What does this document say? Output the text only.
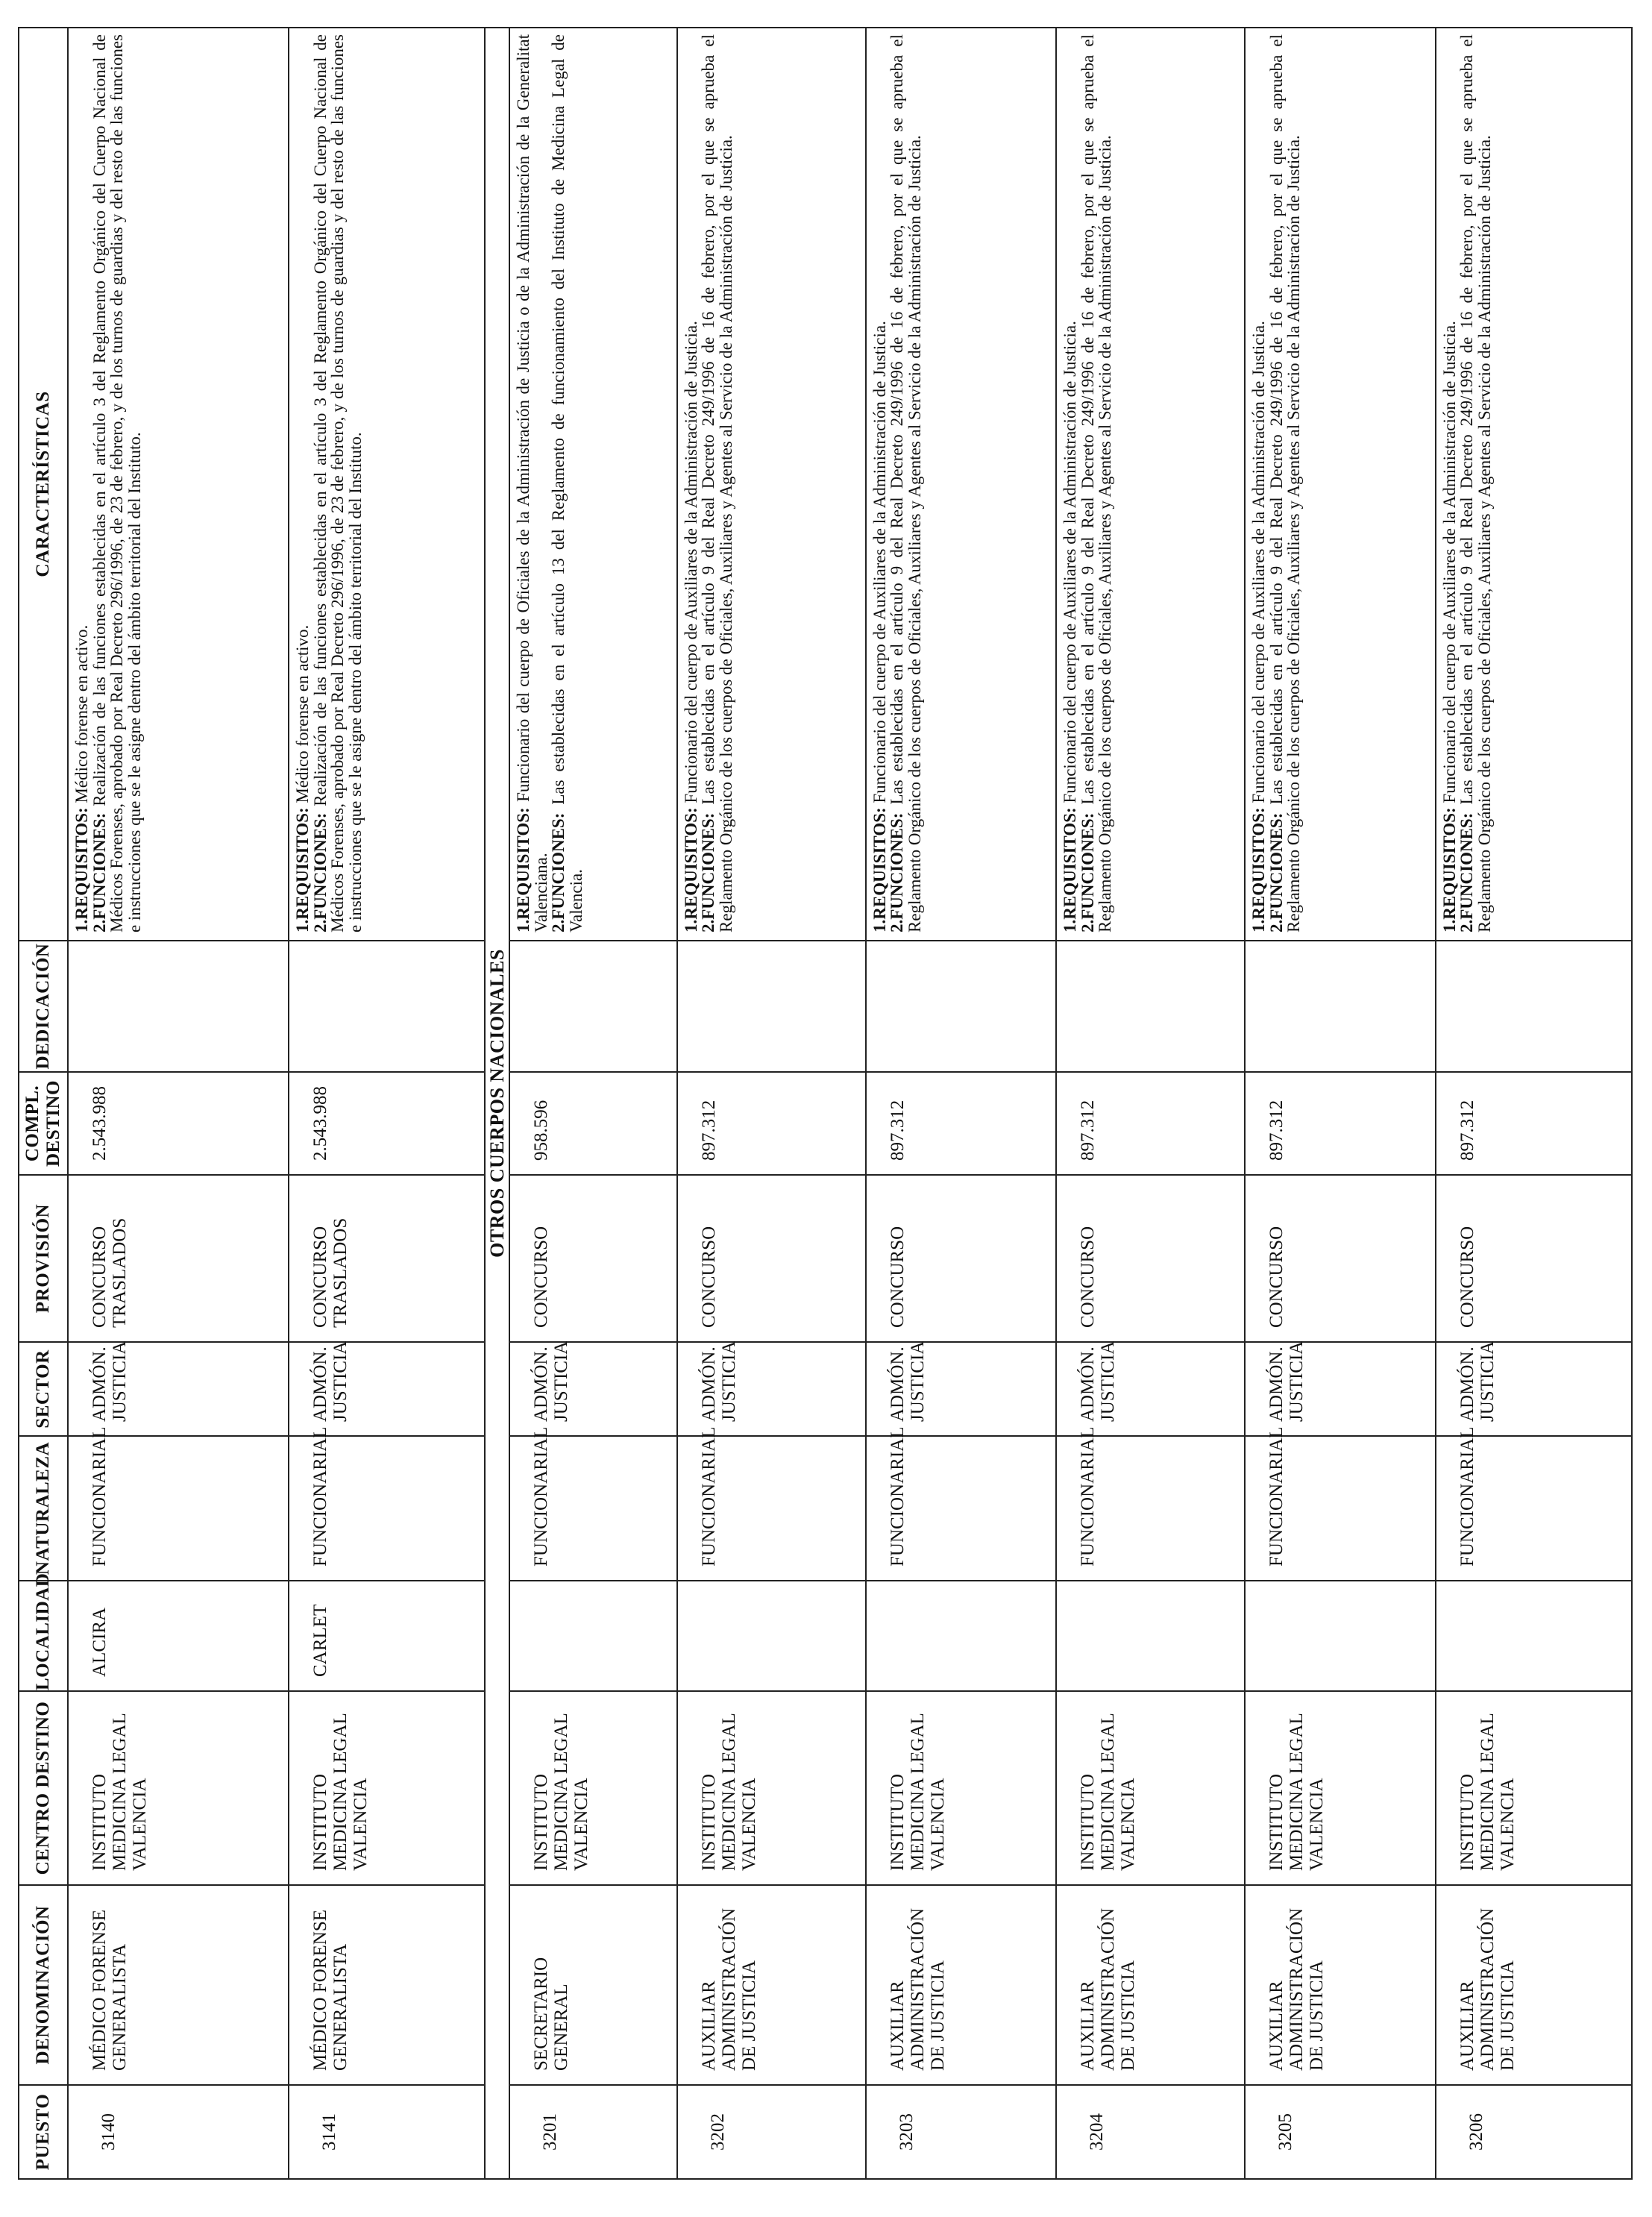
PUESTO	DENOMINACIÓN	CENTRO DESTINO	LOCALIDAD	NATURALEZA	SECTOR	PROVISIÓN	COMPL. DESTINO	DEDICACIÓN	CARACTERÍSTICAS

3140	MÉDICO FORENSE GENERALISTA	INSTITUTO MEDICINA LEGAL VALENCIA	ALCIRA	FUNCIONARIAL	ADMÓN. JUSTICIA	CONCURSO TRASLADOS	2.543.988		1.REQUISITOS: Médico forense en activo.
2.FUNCIONES: Realización de las funciones establecidas en el artículo 3 del Reglamento Orgánico del Cuerpo Nacional de Médicos Forenses, aprobado por Real Decreto 296/1996, de 23 de febrero, y de los turnos de guardias y del resto de las funciones e instrucciones que se le asigne dentro del ámbito territorial del Instituto.

3141	MÉDICO FORENSE GENERALISTA	INSTITUTO MEDICINA LEGAL VALENCIA	CARLET	FUNCIONARIAL	ADMÓN. JUSTICIA	CONCURSO TRASLADOS	2.543.988		1.REQUISITOS: Médico forense en activo.
2.FUNCIONES: Realización de las funciones establecidas en el artículo 3 del Reglamento Orgánico del Cuerpo Nacional de Médicos Forenses, aprobado por Real Decreto 296/1996, de 23 de febrero, y de los turnos de guardias y del resto de las funciones e instrucciones que se le asigne dentro del ámbito territorial del Instituto.

OTROS CUERPOS NACIONALES									

3201	SECRETARIO GENERAL	INSTITUTO MEDICINA LEGAL VALENCIA		FUNCIONARIAL	ADMÓN. JUSTICIA	CONCURSO	958.596		1.REQUISITOS: Funcionario del cuerpo de Oficiales de la Administración de Justicia o de la Administración de la Generalitat Valenciana.
2.FUNCIONES: Las establecidas en el artículo 13 del Reglamento de funcionamiento del Instituto de Medicina Legal de Valencia.

3202	AUXILIAR ADMINISTRACIÓN DE JUSTICIA	INSTITUTO MEDICINA LEGAL VALENCIA		FUNCIONARIAL	ADMÓN. JUSTICIA	CONCURSO	897.312		1.REQUISITOS: Funcionario del cuerpo de Auxiliares de la Administración de Justicia.
2.FUNCIONES: Las establecidas en el artículo 9 del Real Decreto 249/1996 de 16 de febrero, por el que se aprueba el Reglamento Orgánico de los cuerpos de Oficiales, Auxiliares y Agentes al Servicio de la Administración de Justicia.

3203	AUXILIAR ADMINISTRACIÓN DE JUSTICIA	INSTITUTO MEDICINA LEGAL VALENCIA		FUNCIONARIAL	ADMÓN. JUSTICIA	CONCURSO	897.312		1.REQUISITOS: Funcionario del cuerpo de Auxiliares de la Administración de Justicia.
2.FUNCIONES: Las establecidas en el artículo 9 del Real Decreto 249/1996 de 16 de febrero, por el que se aprueba el Reglamento Orgánico de los cuerpos de Oficiales, Auxiliares y Agentes al Servicio de la Administración de Justicia.

3204	AUXILIAR ADMINISTRACIÓN DE JUSTICIA	INSTITUTO MEDICINA LEGAL VALENCIA		FUNCIONARIAL	ADMÓN. JUSTICIA	CONCURSO	897.312		1.REQUISITOS: Funcionario del cuerpo de Auxiliares de la Administración de Justicia.
2.FUNCIONES: Las establecidas en el artículo 9 del Real Decreto 249/1996 de 16 de febrero, por el que se aprueba el Reglamento Orgánico de los cuerpos de Oficiales, Auxiliares y Agentes al Servicio de la Administración de Justicia.

3205	AUXILIAR ADMINISTRACIÓN DE JUSTICIA	INSTITUTO MEDICINA LEGAL VALENCIA		FUNCIONARIAL	ADMÓN. JUSTICIA	CONCURSO	897.312		1.REQUISITOS: Funcionario del cuerpo de Auxiliares de la Administración de Justicia.
2.FUNCIONES: Las establecidas en el artículo 9 del Real Decreto 249/1996 de 16 de febrero, por el que se aprueba el Reglamento Orgánico de los cuerpos de Oficiales, Auxiliares y Agentes al Servicio de la Administración de Justicia.

3206	AUXILIAR ADMINISTRACIÓN DE JUSTICIA	INSTITUTO MEDICINA LEGAL VALENCIA		FUNCIONARIAL	ADMÓN. JUSTICIA	CONCURSO	897.312		1.REQUISITOS: Funcionario del cuerpo de Auxiliares de la Administración de Justicia.
2.FUNCIONES: Las establecidas en el artículo 9 del Real Decreto 249/1996 de 16 de febrero, por el que se aprueba el Reglamento Orgánico de los cuerpos de Oficiales, Auxiliares y Agentes al Servicio de la Administración de Justicia.
